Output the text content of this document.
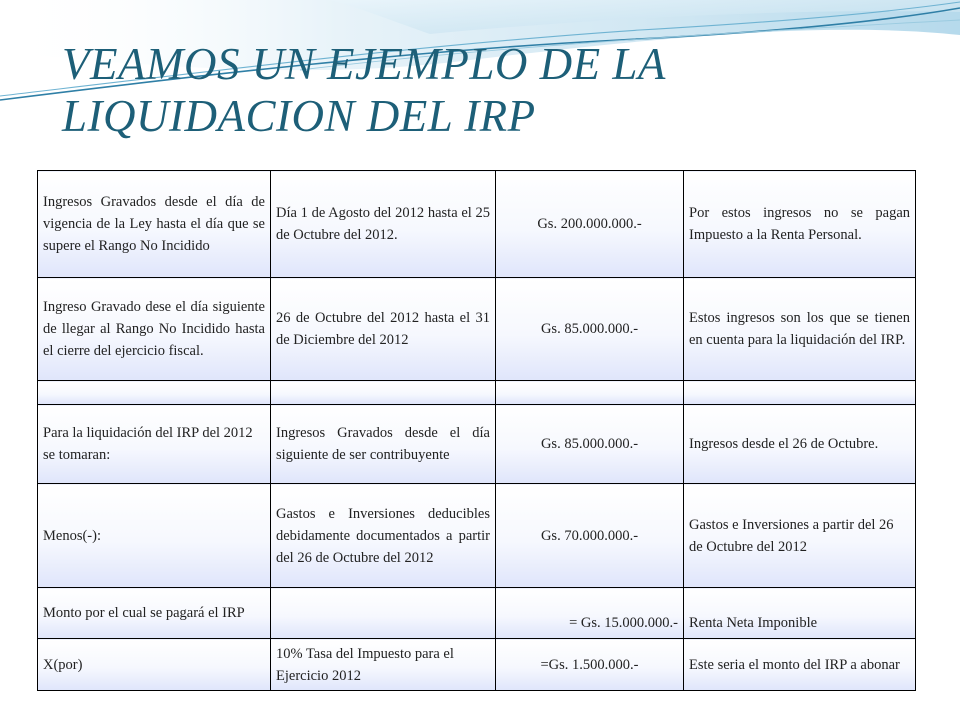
VEAMOS UN EJEMPLO DE LA
LIQUIDACION DEL IRP
Ingresos Gravados desde el día de vigencia de la Ley hasta el día que se supere el Rango No Incidido	Día 1 de Agosto del 2012 hasta el 25 de Octubre del 2012.	Gs. 200.000.000.-	Por estos ingresos no se pagan Impuesto a la Renta Personal.
Ingreso Gravado dese el día siguiente de llegar al Rango No Incidido hasta el cierre del ejercicio fiscal.	26 de Octubre del 2012 hasta el 31 de Diciembre del 2012	Gs. 85.000.000.-	Estos ingresos son los que se tienen en cuenta para la liquidación del IRP.

Para la liquidación del IRP del 2012 se tomaran:	Ingresos Gravados desde el día siguiente de ser contribuyente	Gs. 85.000.000.-	Ingresos desde el 26 de Octubre.
Menos(-):	Gastos e Inversiones deducibles debidamente documentados a partir del 26 de Octubre del 2012	Gs. 70.000.000.-	Gastos e Inversiones a partir del 26 de Octubre del 2012
Monto por el cual se pagará el IRP		= Gs. 15.000.000.-	Renta Neta Imponible
X(por)	10% Tasa del Impuesto para el Ejercicio 2012	=Gs. 1.500.000.-	Este seria el monto del IRP a abonar
